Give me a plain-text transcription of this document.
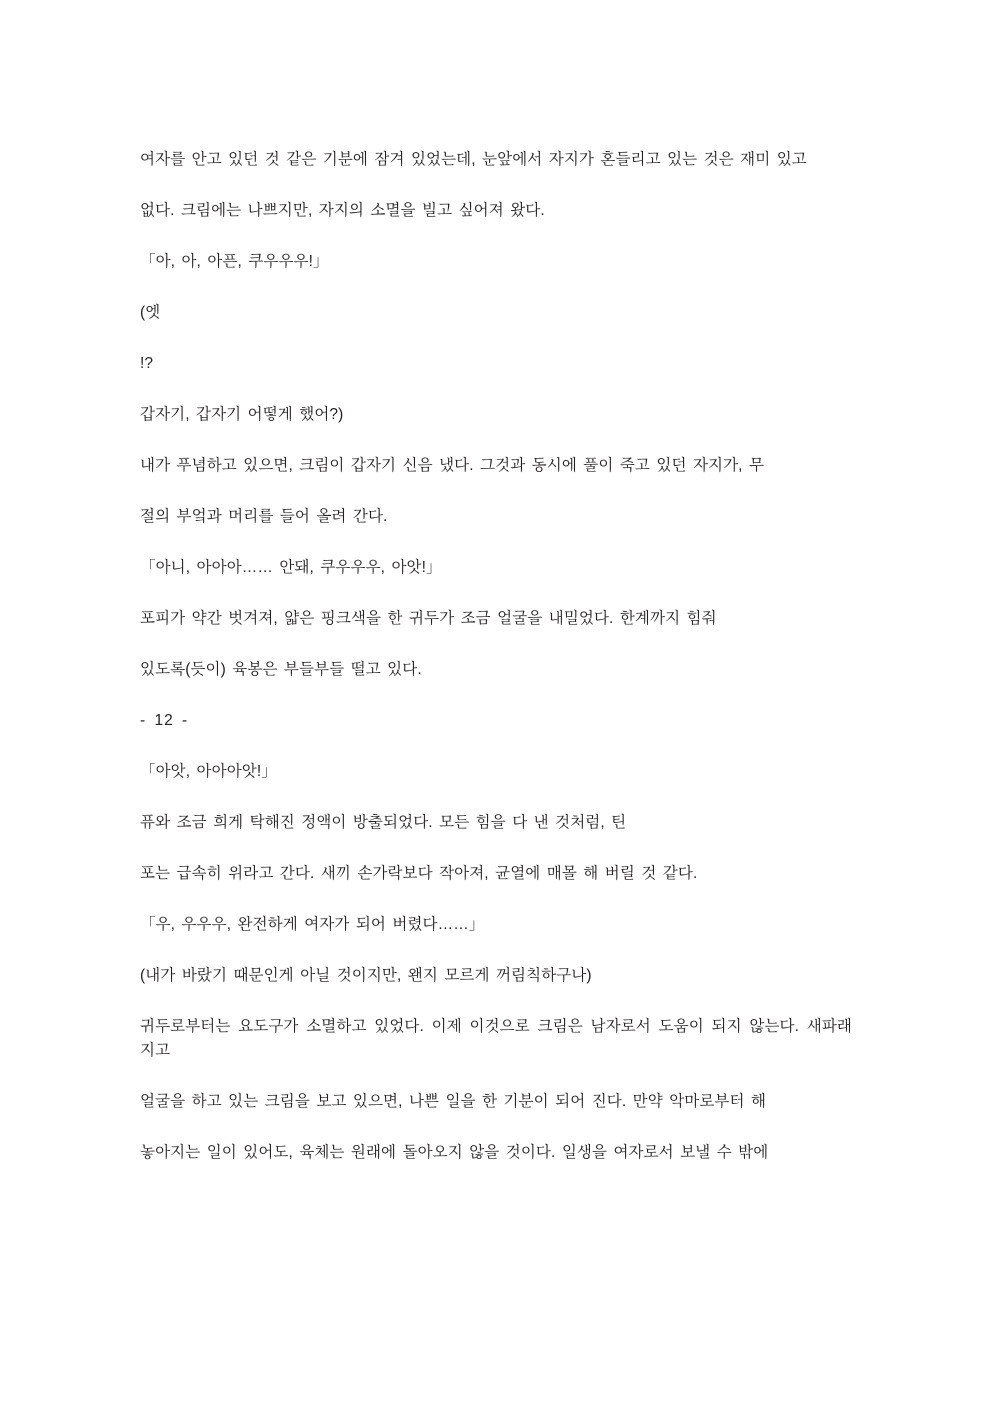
여자를 안고 있던 것 같은 기분에 잠겨 있었는데, 눈앞에서 자지가 혼들리고 있는 것은 재미 있고

없다. 크림에는 나쁘지만, 자지의 소멸을 빌고 싶어져 왔다.

「아, 아, 아픈, 쿠우우우!」

(엣

!?

갑자기, 갑자기 어떻게 했어?)

내가 푸념하고 있으면, 크림이 갑자기 신음 냈다. 그것과 동시에 풀이 죽고 있던 자지가, 무

절의 부엌과 머리를 들어 올려 간다.

「아니, 아아아…… 안돼, 쿠우우우, 아앗!」

포피가 약간 벗겨져, 얇은 핑크색을 한 귀두가 조금 얼굴을 내밀었다. 한계까지 힘줘

있도록(듯이) 육봉은 부들부들 떨고 있다.

- 12 -

「아앗, 아아아앗!」

퓨와 조금 희게 탁해진 정액이 방출되었다. 모든 힘을 다 낸 것처럼, 틴

포는 급속히 위라고 간다. 새끼 손가락보다 작아져, 균열에 매몰 해 버릴 것 같다.

「우, 우우우, 완전하게 여자가 되어 버렸다……」

(내가 바랐기 때문인게 아닐 것이지만, 왠지 모르게 꺼림칙하구나)

귀두로부터는 요도구가 소멸하고 있었다. 이제 이것으로 크림은 남자로서 도움이 되지 않는다. 새파래지고

얼굴을 하고 있는 크림을 보고 있으면, 나쁜 일을 한 기분이 되어 진다. 만약 악마로부터 해

놓아지는 일이 있어도, 육체는 원래에 돌아오지 않을 것이다. 일생을 여자로서 보낼 수 밖에
